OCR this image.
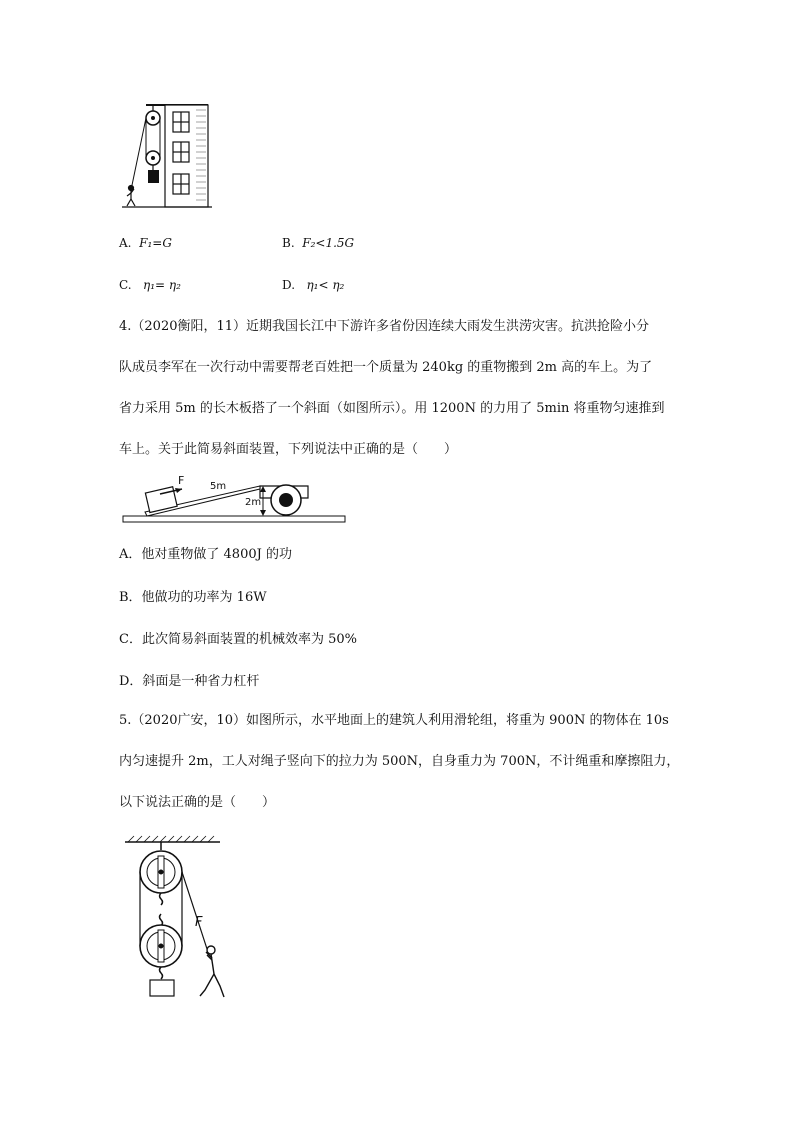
A. F₁=G	B. F₂<1.5G
C. η₁= η₂	D. η₁< η₂
4.（2020衡阳，11）近期我国长江中下游许多省份因连续大雨发生洪涝灾害。抗洪抢险小分
队成员李军在一次行动中需要帮老百姓把一个质量为 240kg 的重物搬到 2m 高的车上。为了
省力采用 5m 的长木板搭了一个斜面（如图所示）。用 1200N 的力用了 5min 将重物匀速推到
车上。关于此简易斜面装置，下列说法中正确的是（　　）
F	5m
2m
A．他对重物做了 4800J 的功
B．他做功的功率为 16W
C．此次简易斜面装置的机械效率为 50%
D．斜面是一种省力杠杆
5.（2020广安，10）如图所示，水平地面上的建筑人利用滑轮组，将重为 900N 的物体在 10s
内匀速提升 2m，工人对绳子竖向下的拉力为 500N，自身重力为 700N，不计绳重和摩擦阻力，
以下说法正确的是（　　）
F
